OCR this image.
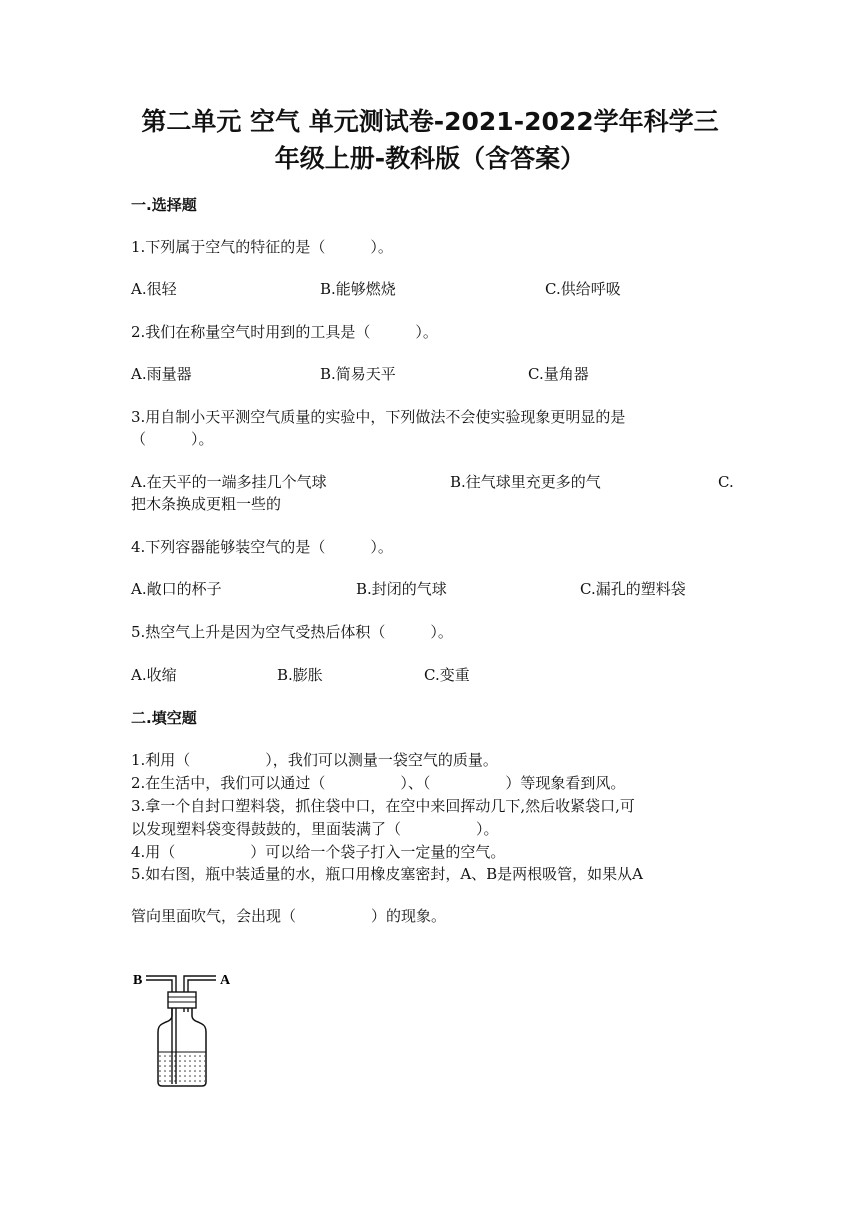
第二单元 空气 单元测试卷-2021-2022学年科学三
年级上册-教科版（含答案）
一.选择题
1.下列属于空气的特征的是（　　　）。
A.很轻	B.能够燃烧	C.供给呼吸
2.我们在称量空气时用到的工具是（　　　）。
A.雨量器	B.简易天平	C.量角器
3.用自制小天平测空气质量的实验中，下列做法不会使实验现象更明显的是
（　　　）。
A.在天平的一端多挂几个气球	B.往气球里充更多的气	C.
把木条换成更粗一些的
4.下列容器能够装空气的是（　　　）。
A.敞口的杯子	B.封闭的气球	C.漏孔的塑料袋
5.热空气上升是因为空气受热后体积（　　　）。
A.收缩	B.膨胀	C.变重
二.填空题
1.利用（　　　　　），我们可以测量一袋空气的质量。
2.在生活中，我们可以通过（　　　　　）、（　　　　　）等现象看到风。
3.拿一个自封口塑料袋，抓住袋中口，在空中来回挥动几下,然后收紧袋口,可
以发现塑料袋变得鼓鼓的，里面装满了（　　　　　）。
4.用（　　　　　）可以给一个袋子打入一定量的空气。
5.如右图，瓶中装适量的水，瓶口用橡皮塞密封，A、B是两根吸管，如果从A
管向里面吹气，会出现（　　　　　）的现象。
B	A
